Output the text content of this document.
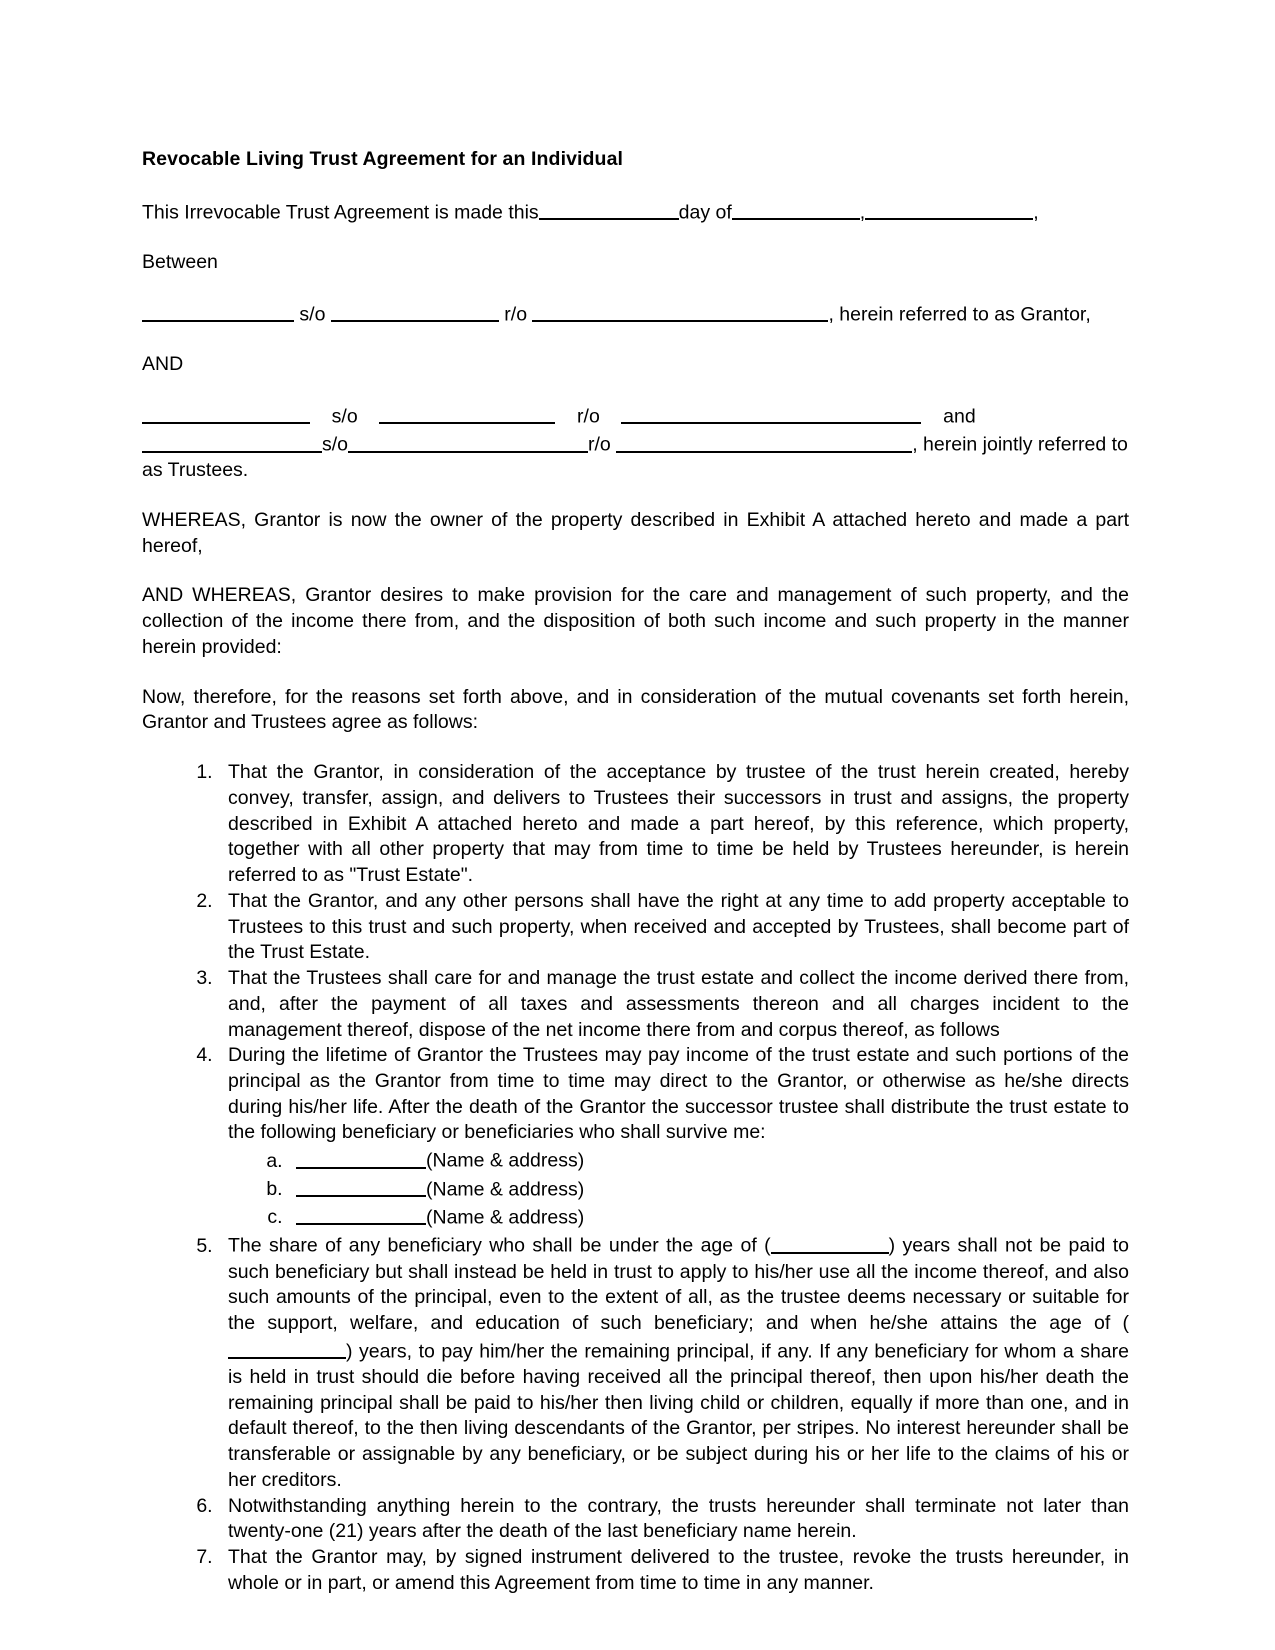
Revocable Living Trust Agreement for an Individual

This Irrevocable Trust Agreement is made this	day of	,	,

Between

s/o	r/o	, herein referred to as Grantor,

AND

s/o	r/o	and
s/o	r/o	, herein jointly referred to as Trustees.

WHEREAS, Grantor is now the owner of the property described in Exhibit A attached hereto and made a part hereof,

AND WHEREAS, Grantor desires to make provision for the care and management of such property, and the collection of the income there from, and the disposition of both such income and such property in the manner herein provided:

Now, therefore, for the reasons set forth above, and in consideration of the mutual covenants set forth herein, Grantor and Trustees agree as follows:

1. That the Grantor, in consideration of the acceptance by trustee of the trust herein created, hereby convey, transfer, assign, and delivers to Trustees their successors in trust and assigns, the property described in Exhibit A attached hereto and made a part hereof, by this reference, which property, together with all other property that may from time to time be held by Trustees hereunder, is herein referred to as "Trust Estate".
2. That the Grantor, and any other persons shall have the right at any time to add property acceptable to Trustees to this trust and such property, when received and accepted by Trustees, shall become part of the Trust Estate.
3. That the Trustees shall care for and manage the trust estate and collect the income derived there from, and, after the payment of all taxes and assessments thereon and all charges incident to the management thereof, dispose of the net income there from and corpus thereof, as follows
4. During the lifetime of Grantor the Trustees may pay income of the trust estate and such portions of the principal as the Grantor from time to time may direct to the Grantor, or otherwise as he/she directs during his/her life. After the death of the Grantor the successor trustee shall distribute the trust estate to the following beneficiary or beneficiaries who shall survive me:
a. (Name & address)
b. (Name & address)
c. (Name & address)
5. The share of any beneficiary who shall be under the age of (	) years shall not be paid to such beneficiary but shall instead be held in trust to apply to his/her use all the income thereof, and also such amounts of the principal, even to the extent of all, as the trustee deems necessary or suitable for the support, welfare, and education of such beneficiary; and when he/she attains the age of () years, to pay him/her the remaining principal, if any. If any beneficiary for whom a share is held in trust should die before having received all the principal thereof, then upon his/her death the remaining principal shall be paid to his/her then living child or children, equally if more than one, and in default thereof, to the then living descendants of the Grantor, per stripes. No interest hereunder shall be transferable or assignable by any beneficiary, or be subject during his or her life to the claims of his or her creditors.
6. Notwithstanding anything herein to the contrary, the trusts hereunder shall terminate not later than twenty-one (21) years after the death of the last beneficiary name herein.
7. That the Grantor may, by signed instrument delivered to the trustee, revoke the trusts hereunder, in whole or in part, or amend this Agreement from time to time in any manner.
